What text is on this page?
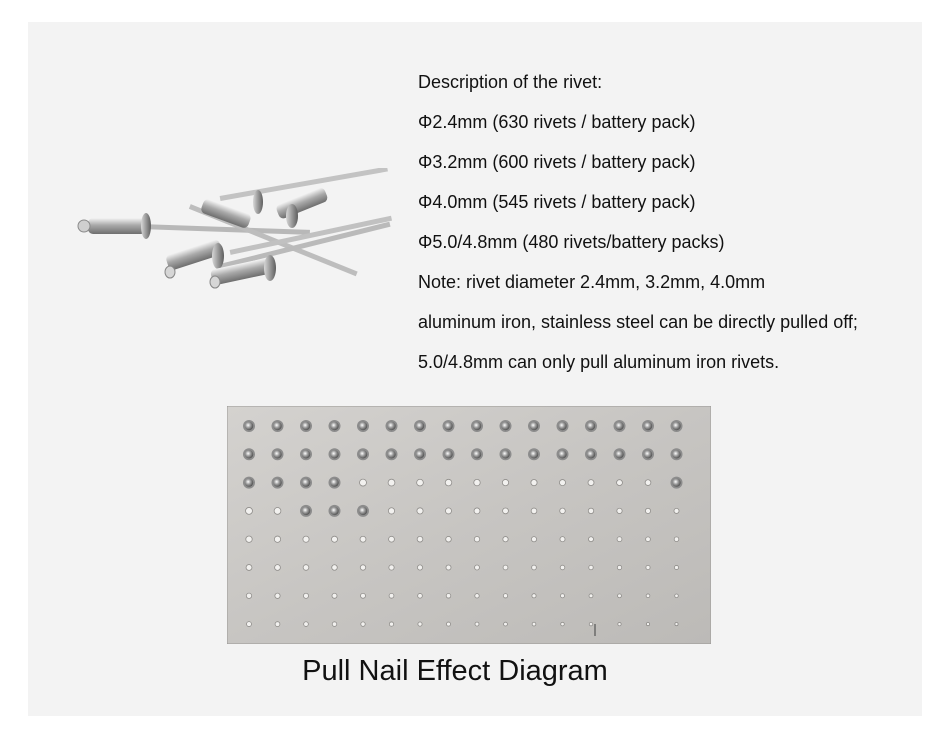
Description of the rivet:
Φ2.4mm (630 rivets / battery pack)
Φ3.2mm (600 rivets / battery pack)
Φ4.0mm (545 rivets / battery pack)
Φ5.0/4.8mm (480 rivets/battery packs)
Note: rivet diameter 2.4mm, 3.2mm, 4.0mm
aluminum iron, stainless steel can be directly pulled off;
5.0/4.8mm can only pull aluminum iron rivets.
Pull Nail Effect Diagram
